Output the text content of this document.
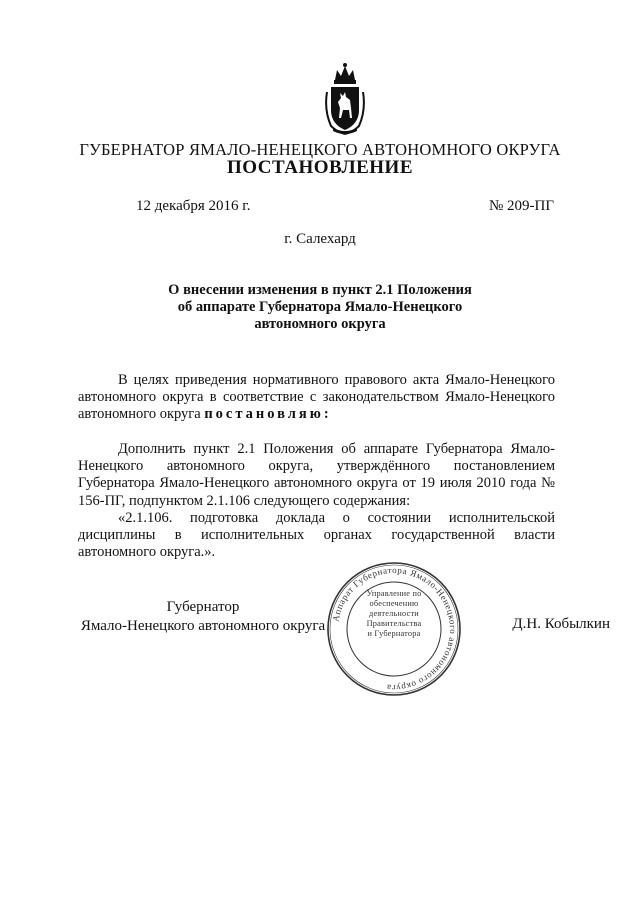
ГУБЕРНАТОР ЯМАЛО-НЕНЕЦКОГО АВТОНОМНОГО ОКРУГА
ПОСТАНОВЛЕНИЕ
12 декабря 2016 г.	№ 209-ПГ
г. Салехард
О внесении изменения в пункт 2.1 Положения
об аппарате Губернатора Ямало-Ненецкого
автономного округа
В целях приведения нормативного правового акта Ямало-Ненецкого автономного округа в соответствие с законодательством Ямало-Ненецкого автономного округа постановляю:
Дополнить пункт 2.1 Положения об аппарате Губернатора Ямало-Ненецкого автономного округа, утверждённого постановлением Губернатора Ямало-Ненецкого автономного округа от 19 июля 2010 года № 156-ПГ, подпунктом 2.1.106 следующего содержания:
«2.1.106. подготовка доклада о состоянии исполнительской дисциплины в исполнительных органах государственной власти автономного округа.».
Губернатор
Ямало-Ненецкого автономного округа	Д.Н. Кобылкин
Аппарат Губернатора Ямало-Ненецкого автономного округа
Управление по
обеспечению
деятельности
Правительства
и Губернатора
